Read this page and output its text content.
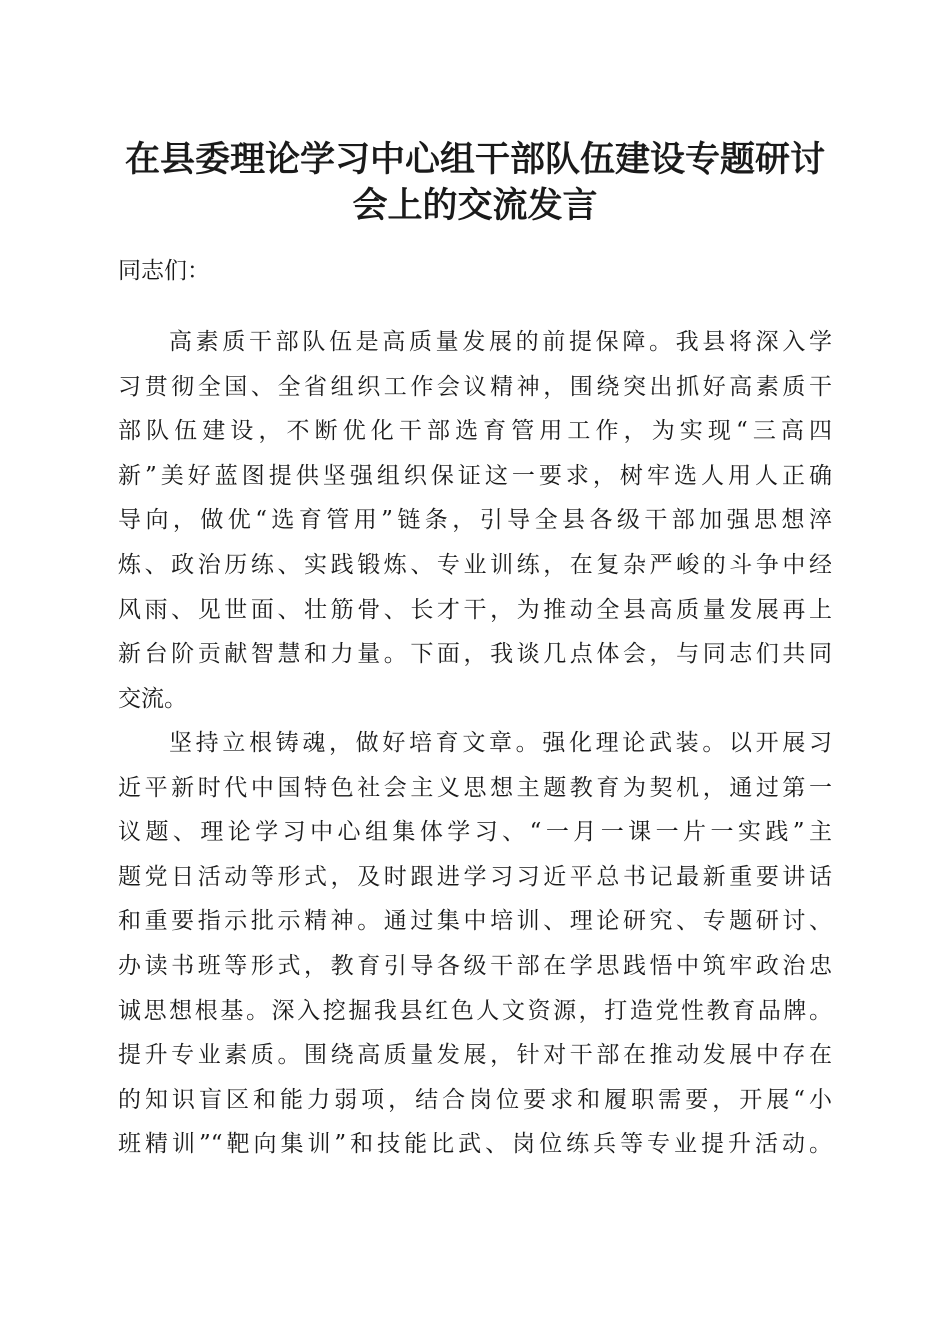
在县委理论学习中心组干部队伍建设专题研讨
会上的交流发言
同志们：
高素质干部队伍是高质量发展的前提保障。我县将深入学
习贯彻全国、全省组织工作会议精神，围绕突出抓好高素质干
部队伍建设，不断优化干部选育管用工作，为实现“三高四
新”美好蓝图提供坚强组织保证这一要求，树牢选人用人正确
导向，做优“选育管用”链条，引导全县各级干部加强思想淬
炼、政治历练、实践锻炼、专业训练，在复杂严峻的斗争中经
风雨、见世面、壮筋骨、长才干，为推动全县高质量发展再上
新台阶贡献智慧和力量。下面，我谈几点体会，与同志们共同
交流。
坚持立根铸魂，做好培育文章。强化理论武装。以开展习
近平新时代中国特色社会主义思想主题教育为契机，通过第一
议题、理论学习中心组集体学习、“一月一课一片一实践”主
题党日活动等形式，及时跟进学习习近平总书记最新重要讲话
和重要指示批示精神。通过集中培训、理论研究、专题研讨、
办读书班等形式，教育引导各级干部在学思践悟中筑牢政治忠
诚思想根基。深入挖掘我县红色人文资源，打造党性教育品牌。
提升专业素质。围绕高质量发展，针对干部在推动发展中存在
的知识盲区和能力弱项，结合岗位要求和履职需要，开展“小
班精训”“靶向集训”和技能比武、岗位练兵等专业提升活动。
